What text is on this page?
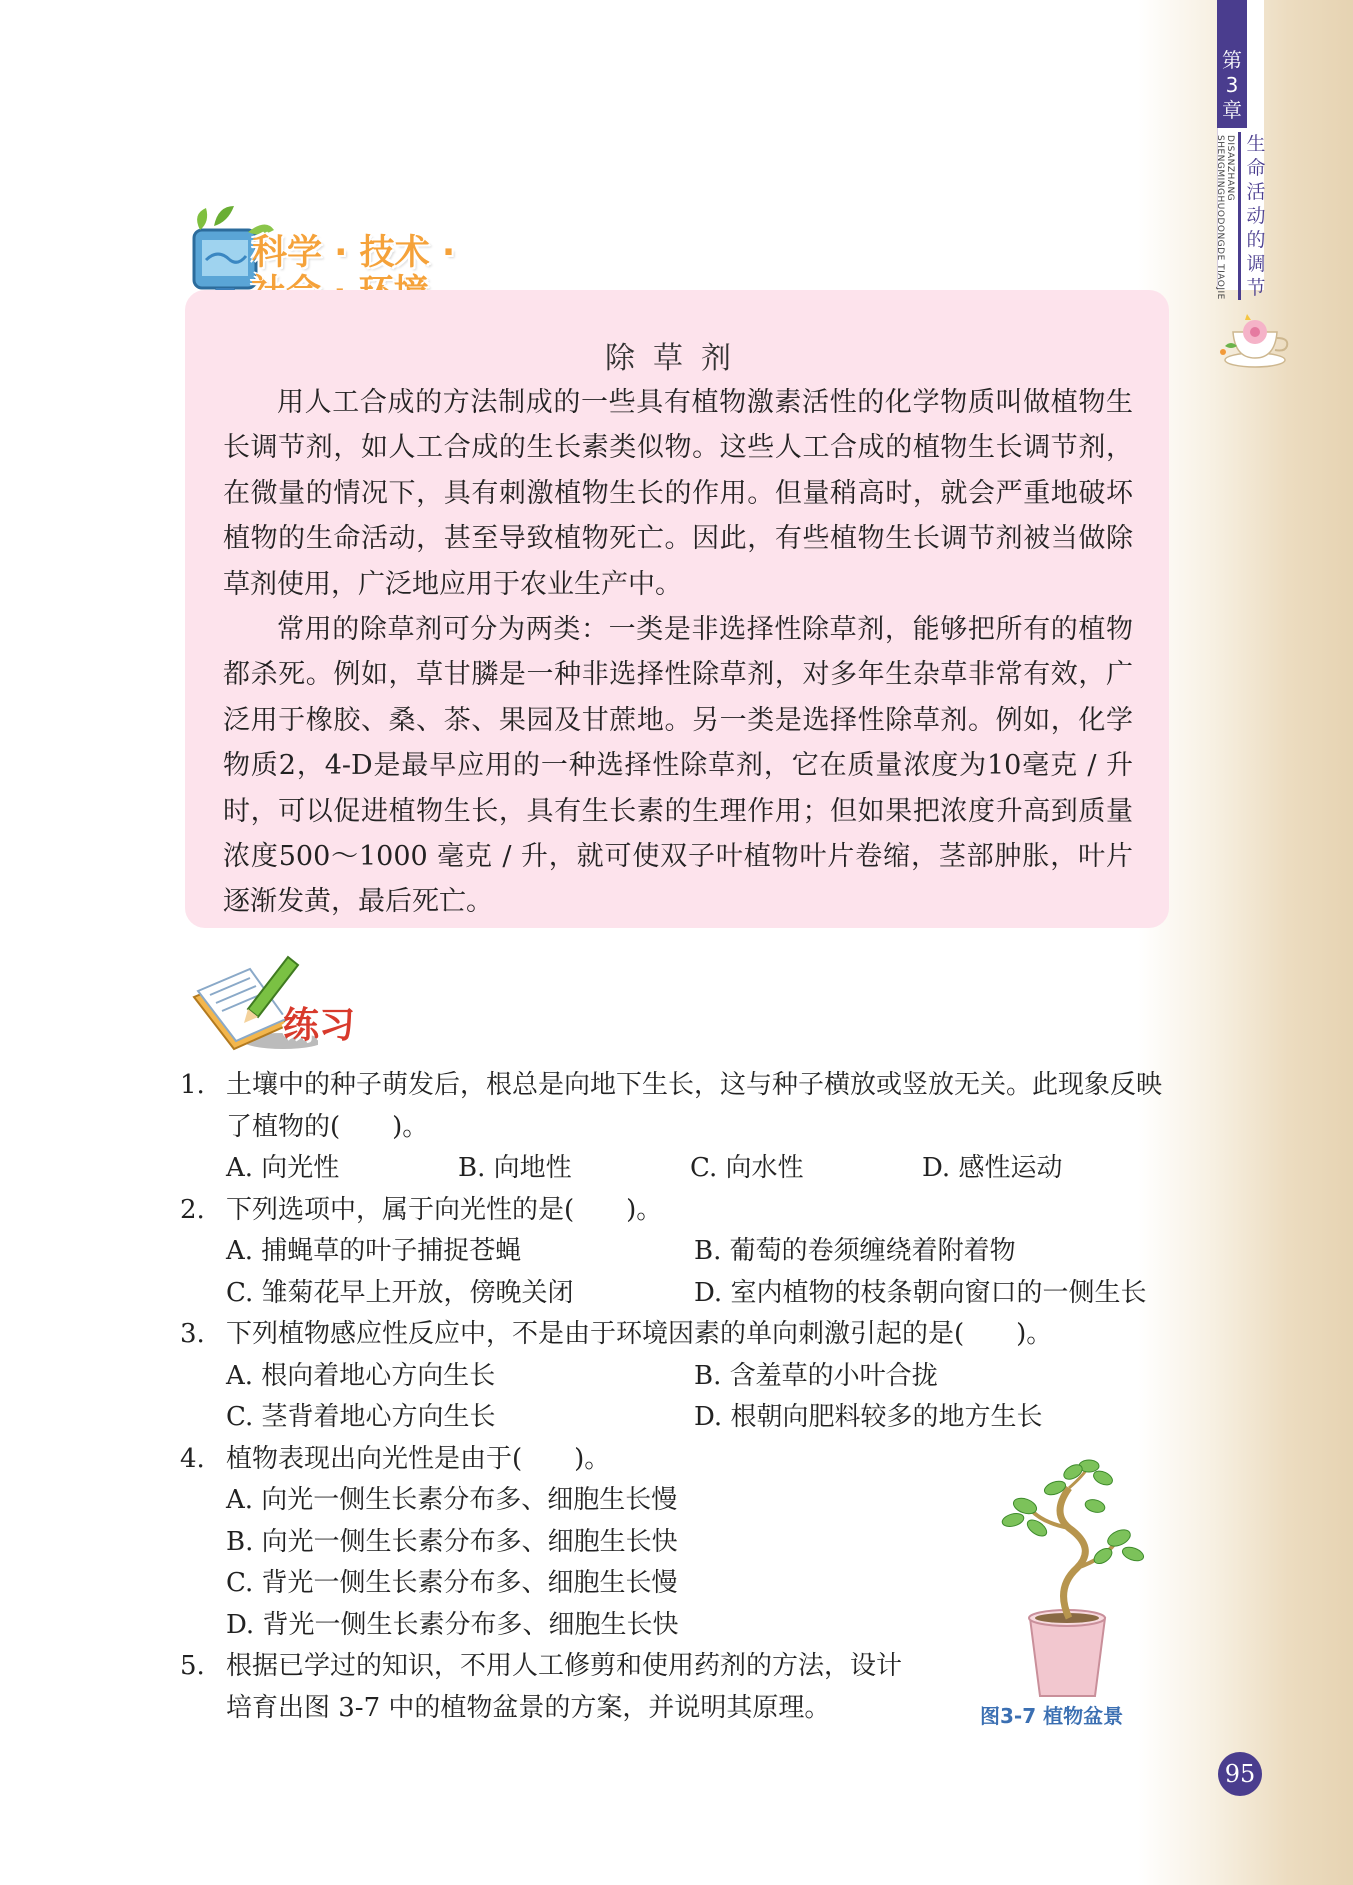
第
3
章
DISANZHANG SHENGMINGHUODONGDE TIAOJIE	生
命
活
动
的
调
节
科学 · 技术 ·
除草剂

用人工合成的方法制成的一些具有植物激素活性的化学物质叫做植物生长调节剂，如人工合成的生长素类似物。这些人工合成的植物生长调节剂，在微量的情况下，具有刺激植物生长的作用。但量稍高时，就会严重地破坏植物的生命活动，甚至导致植物死亡。因此，有些植物生长调节剂被当做除草剂使用，广泛地应用于农业生产中。

常用的除草剂可分为两类：一类是非选择性除草剂，能够把所有的植物都杀死。例如，草甘膦是一种非选择性除草剂，对多年生杂草非常有效，广泛用于橡胶、桑、茶、果园及甘蔗地。另一类是选择性除草剂。例如，化学物质2，4-D是最早应用的一种选择性除草剂，它在质量浓度为10毫克 / 升时，可以促进植物生长，具有生长素的生理作用；但如果把浓度升高到质量浓度500～1000 毫克 / 升，就可使双子叶植物叶片卷缩，茎部肿胀，叶片逐渐发黄，最后死亡。

练习
1. 土壤中的种子萌发后，根总是向地下生长，这与种子横放或竖放无关。此现象反映了植物的(　　)。
A. 向光性	B. 向地性	C. 向水性	D. 感性运动
2. 下列选项中，属于向光性的是(　　)。
A. 捕蝇草的叶子捕捉苍蝇	B. 葡萄的卷须缠绕着附着物
C. 雏菊花早上开放，傍晚关闭	D. 室内植物的枝条朝向窗口的一侧生长
3. 下列植物感应性反应中，不是由于环境因素的单向刺激引起的是(　　)。
A. 根向着地心方向生长	B. 含羞草的小叶合拢
C. 茎背着地心方向生长	D. 根朝向肥料较多的地方生长
4. 植物表现出向光性是由于(　　)。
A. 向光一侧生长素分布多、细胞生长慢
B. 向光一侧生长素分布多、细胞生长快
C. 背光一侧生长素分布多、细胞生长慢
D. 背光一侧生长素分布多、细胞生长快
5. 根据已学过的知识，不用人工修剪和使用药剂的方法，设计
培育出图 3-7 中的植物盆景的方案，并说明其原理。	图3-7 植物盆景
95
